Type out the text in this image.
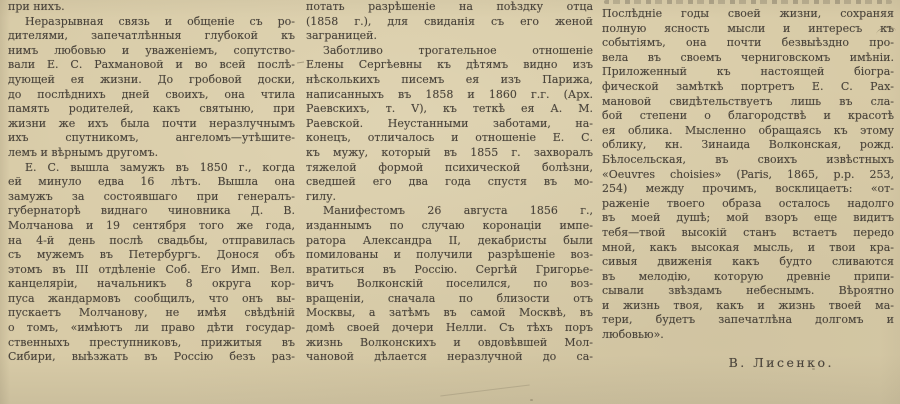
при нихъ.
Неразрывная связь и общеніе съ ро-
дителями, запечатлѣнныя глубокой къ
нимъ любовью и уваженіемъ, сопутство-
вали Е. С. Рахмановой и во всей послѣ-
дующей ея жизни. До гробовой доски,
до послѣднихъ дней своихъ, она чтила
память родителей, какъ святыню, при
жизни же ихъ была почти неразлучнымъ
ихъ спутникомъ, ангеломъ—утѣшите-
лемъ и вѣрнымъ другомъ.
Е. С. вышла замужъ въ 1850 г., когда
ей минуло едва 16 лѣтъ. Вышла она
замужъ за состоявшаго при генералъ-
губернаторѣ виднаго чиновника Д. В.
Молчанова и 19 сентября того же года,
на 4-й день послѣ свадьбы, отправилась
съ мужемъ въ Петербургъ. Донося объ
этомъ въ III отдѣленіе Соб. Его Имп. Вел.
канцеляріи, начальникъ 8 округа кор-
пуса жандармовъ сообщилъ, что онъ вы-
пускаетъ Молчанову, не имѣя свѣдѣній
о томъ, «имѣютъ ли право дѣти государ-
ственныхъ преступниковъ, прижитыя въ
Сибири, выѣзжать въ Россію безъ раз-
потать разрѣшеніе на поѣздку отца
(1858 г.), для свиданія съ его женой
заграницей.
Заботливо трогательное отношеніе
Елены Сергѣевны къ дѣтямъ видно изъ
нѣсколькихъ писемъ ея изъ Парижа,
написанныхъ въ 1858 и 1860 г.г. (Арх.
Раевскихъ, т. V), къ теткѣ ея А. М.
Раевской. Неустанными заботами, на-
конецъ, отличалось и отношеніе Е. С.
къ мужу, который въ 1855 г. захворалъ
тяжелой формой психической болѣзни,
сведшей его два года спустя въ мо-
гилу.
Манифестомъ 26 августа 1856 г.,
изданнымъ по случаю коронаціи импе-
ратора Александра II, декабристы были
помилованы и получили разрѣшеніе воз-
вратиться въ Россію. Сергѣй Григорье-
вичъ Волконскій поселился, по воз-
вращеніи, сначала по близости отъ
Москвы, а затѣмъ въ самой Москвѣ, въ
домѣ своей дочери Нелли. Съ тѣхъ поръ
жизнь Волконскихъ и овдовѣвшей Мол-
чановой дѣлается неразлучной до са-
Послѣдніе годы своей жизни, сохраняя
полную ясность мысли и интересъ къ
событіямъ, она почти безвыѣздно про-
вела въ своемъ черниговскомъ имѣніи.
Приложенный къ настоящей біогра-
фической замѣткѣ портретъ Е. С. Рах-
мановой свидѣтельствуетъ лишь въ сла-
бой степени о благородствѣ и красотѣ
ея облика. Мысленно обращаясь къ этому
облику, кн. Зинаида Волконская, рожд.
Бѣлосельская, въ своихъ извѣстныхъ
«Oeuvres choisies» (Paris, 1865, p.p. 253,
254) между прочимъ, восклицаетъ: «от-
раженіе твоего образа осталось надолго
въ моей душѣ; мой взоръ еще видитъ
тебя—твой высокій станъ встаетъ передо
мной, какъ высокая мысль, и твои кра-
сивыя движенія какъ будто сливаются
въ мелодію, которую древніе припи-
сывали звѣздамъ небеснымъ. Вѣроятно
и жизнь твоя, какъ и жизнь твоей ма-
тери, будетъ запечатлѣна долгомъ и
любовью».
В. Лисенко.
